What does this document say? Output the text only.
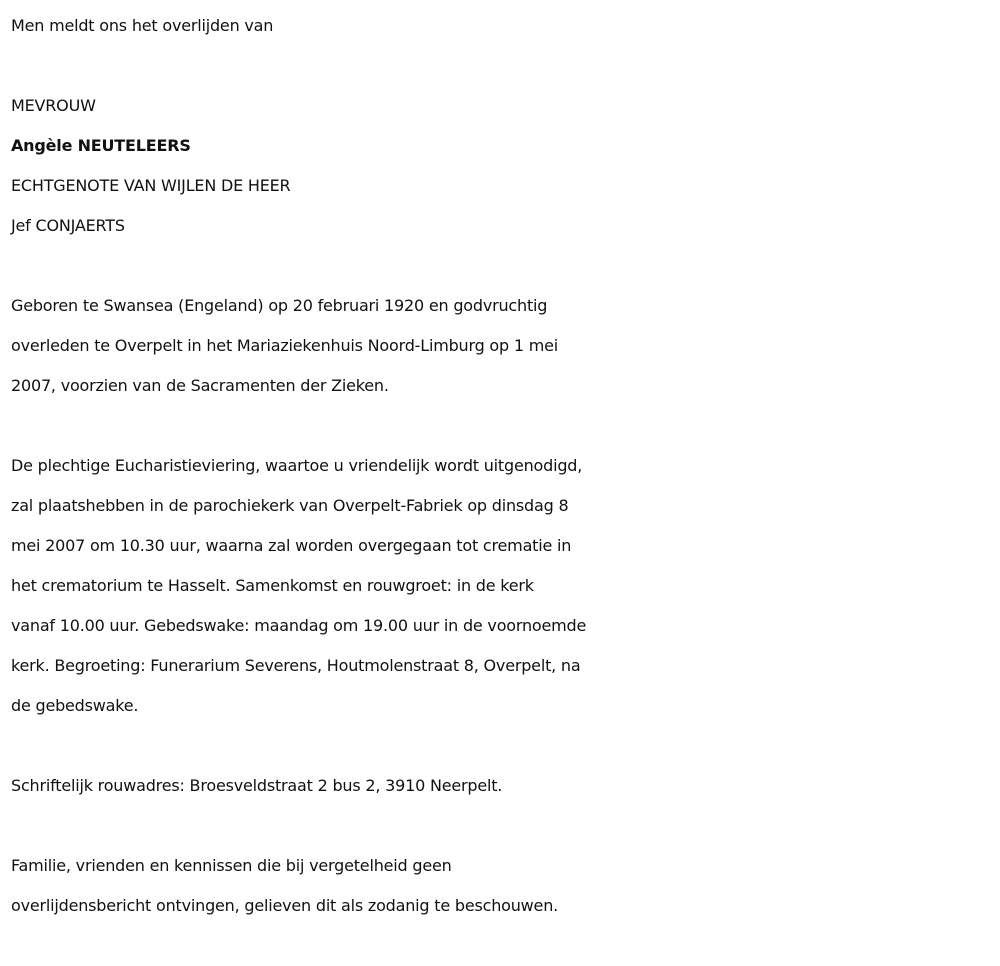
Men meldt ons het overlijden van
MEVROUW
Angèle NEUTELEERS
ECHTGENOTE VAN WIJLEN DE HEER
Jef CONJAERTS
Geboren te Swansea (Engeland) op 20 februari 1920 en godvruchtig
overleden te Overpelt in het Mariaziekenhuis Noord-Limburg op 1 mei
2007, voorzien van de Sacramenten der Zieken.
De plechtige Eucharistieviering, waartoe u vriendelijk wordt uitgenodigd,
zal plaatshebben in de parochiekerk van Overpelt-Fabriek op dinsdag 8
mei 2007 om 10.30 uur, waarna zal worden overgegaan tot crematie in
het crematorium te Hasselt. Samenkomst en rouwgroet: in de kerk
vanaf 10.00 uur. Gebedswake: maandag om 19.00 uur in de voornoemde
kerk. Begroeting: Funerarium Severens, Houtmolenstraat 8, Overpelt, na
de gebedswake.
Schriftelijk rouwadres: Broesveldstraat 2 bus 2, 3910 Neerpelt.
Familie, vrienden en kennissen die bij vergetelheid geen
overlijdensbericht ontvingen, gelieven dit als zodanig te beschouwen.
